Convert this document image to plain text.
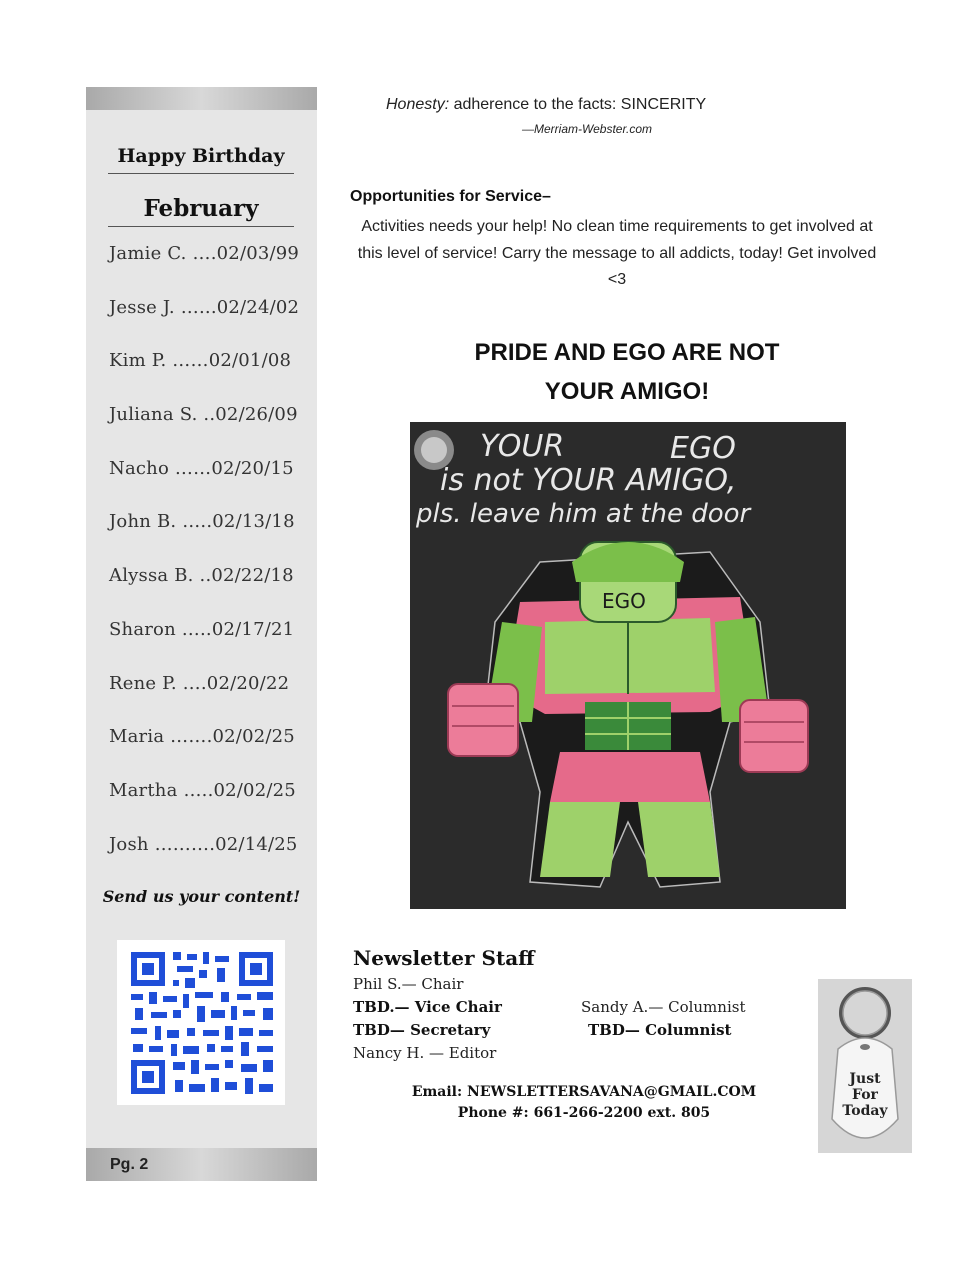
Happy Birthday
February
Jamie C. ….02/03/99
Jesse J. …...02/24/02
Kim P. ……02/01/08
Juliana S. ..02/26/09
Nacho ……02/20/15
John B. …..02/13/18
Alyssa B. ..02/22/18
Sharon …..02/17/21
Rene P. ….02/20/22
Maria …….02/02/25
Martha …..02/02/25
Josh ……….02/14/25
Send us your content!
Pg. 2
Honesty: adherence to the facts: SINCERITY
—Merriam-Webster.com
Opportunities for Service–
Activities needs your help! No clean time requirements to get involved at this level of service! Carry the message to all addicts, today! Get involved <3
PRIDE AND EGO ARE NOT
YOUR AMIGO!
YOUR	EGO
is not YOUR AMIGO,
pls. leave him at the door
EGO
Newsletter Staff
Phil S.— Chair
TBD.— Vice Chair
TBD— Secretary
Nancy H. — Editor
Sandy A.— Columnist
TBD— Columnist
Email: NEWSLETTERSAVANA@GMAIL.COM
Phone #: 661-266-2200 ext. 805
Just
For
Today
